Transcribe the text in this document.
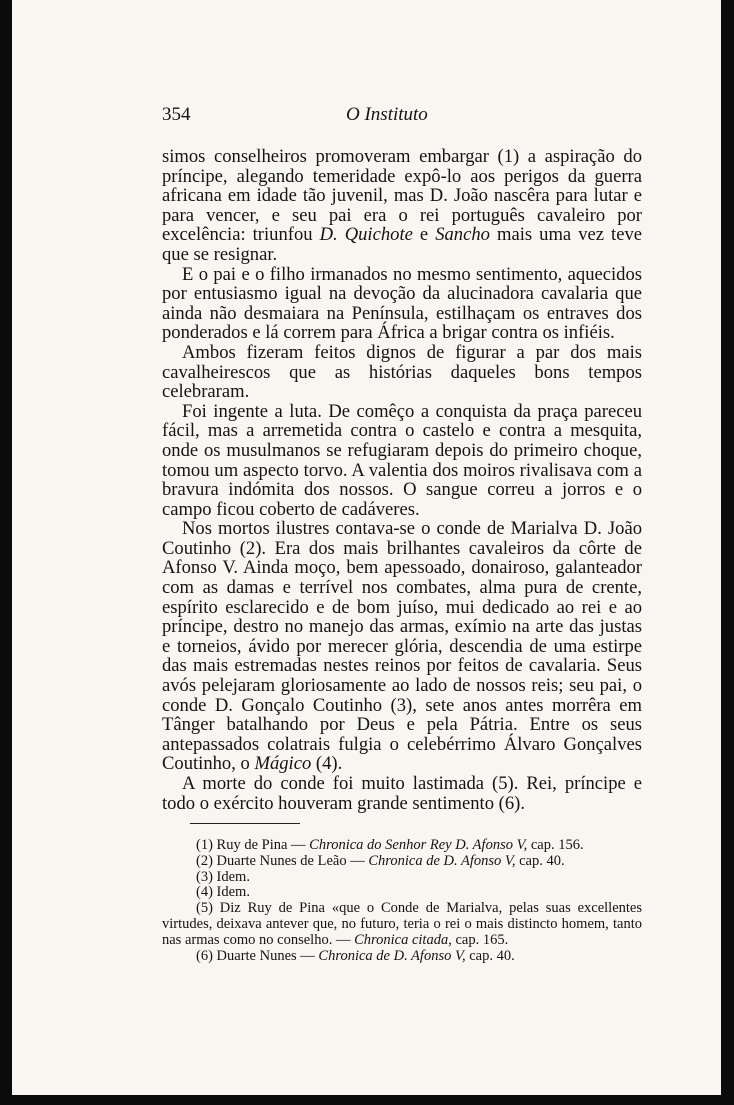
354	O Instituto

simos conselheiros promoveram embargar (1) a aspiração do príncipe, alegando temeridade expô-lo aos perigos da guerra africana em idade tão juvenil, mas D. João nascêra para lutar e para vencer, e seu pai era o rei português cavaleiro por excelência: triunfou D. Quichote e Sancho mais uma vez teve que se resignar.

E o pai e o filho irmanados no mesmo sentimento, aquecidos por entusiasmo igual na devoção da alucinadora cavalaria que ainda não desmaiara na Península, estilhaçam os entraves dos ponderados e lá correm para África a brigar contra os infiéis.

Ambos fizeram feitos dignos de figurar a par dos mais cavalheirescos que as histórias daqueles bons tempos celebraram.

Foi ingente a luta. De comêço a conquista da praça pareceu fácil, mas a arremetida contra o castelo e contra a mesquita, onde os musulmanos se refugiaram depois do primeiro choque, tomou um aspecto torvo. A valentia dos moiros rivalisava com a bravura indómita dos nossos. O sangue correu a jorros e o campo ficou coberto de cadáveres.

Nos mortos ilustres contava-se o conde de Marialva D. João Coutinho (2). Era dos mais brilhantes cavaleiros da côrte de Afonso V. Ainda moço, bem apessoado, donairoso, galanteador com as damas e terrível nos combates, alma pura de crente, espírito esclarecido e de bom juíso, mui dedicado ao rei e ao príncipe, destro no manejo das armas, exímio na arte das justas e torneios, ávido por merecer glória, descendia de uma estirpe das mais estremadas nestes reinos por feitos de cavalaria. Seus avós pelejaram gloriosamente ao lado de nossos reis; seu pai, o conde D. Gonçalo Coutinho (3), sete anos antes morrêra em Tânger batalhando por Deus e pela Pátria. Entre os seus antepassados colatrais fulgia o celebérrimo Álvaro Gonçalves Coutinho, o Mágico (4).

A morte do conde foi muito lastimada (5). Rei, príncipe e todo o exército houveram grande sentimento (6).

(1) Ruy de Pina — Chronica do Senhor Rey D. Afonso V, cap. 156.

(2) Duarte Nunes de Leão — Chronica de D. Afonso V, cap. 40.

(3) Idem.

(4) Idem.

(5) Diz Ruy de Pina «que o Conde de Marialva, pelas suas excellentes virtudes, deixava antever que, no futuro, teria o rei o mais distincto homem, tanto nas armas como no conselho. — Chronica citada, cap. 165.

(6) Duarte Nunes — Chronica de D. Afonso V, cap. 40.
